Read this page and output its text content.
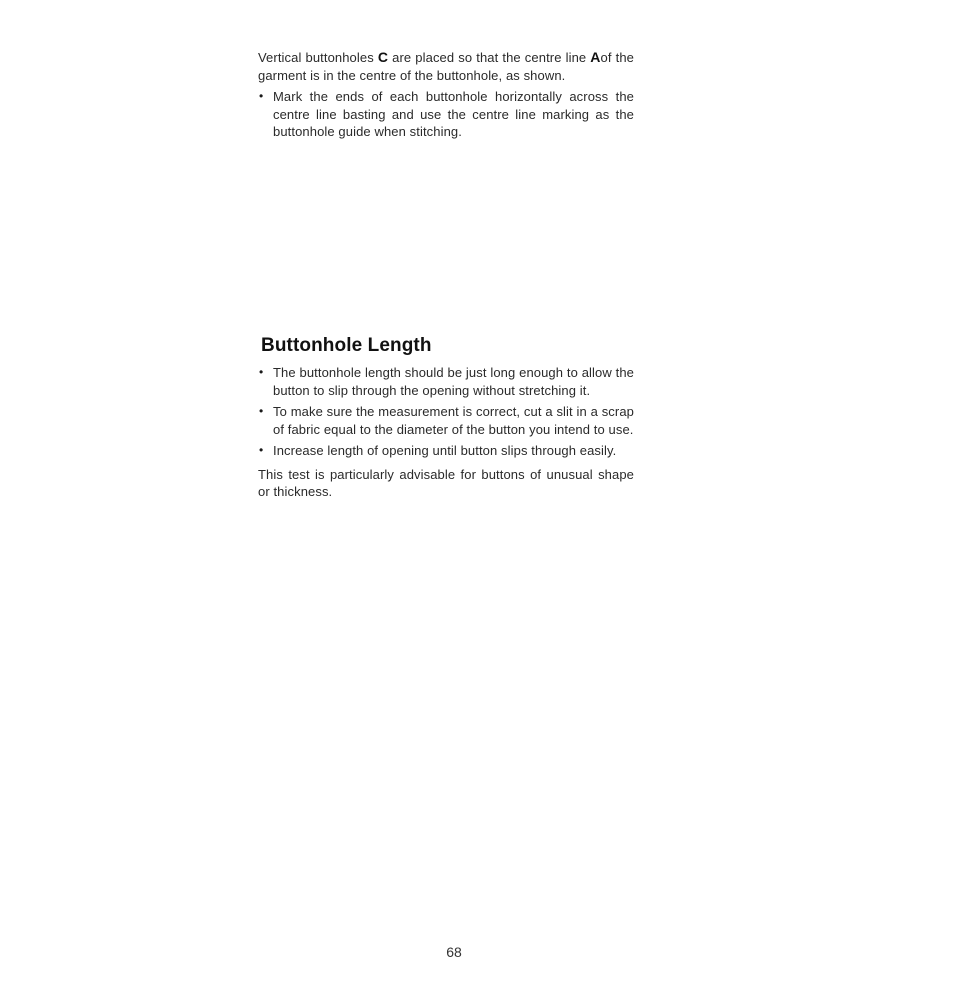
Vertical buttonholes C are placed so that the centre line Aof the garment is in the centre of the buttonhole, as shown.

• Mark the ends of each buttonhole horizontally across the centre line basting and use the centre line marking as the buttonhole guide when stitching.
Buttonhole Length
• The buttonhole length should be just long enough to allow the button to slip through the opening without stretching it.
• To make sure the measurement is correct, cut a slit in a scrap of fabric equal to the diameter of the button you intend to use.
• Increase length of opening until button slips through easily.

This test is particularly advisable for buttons of unusual shape or thickness.

68
